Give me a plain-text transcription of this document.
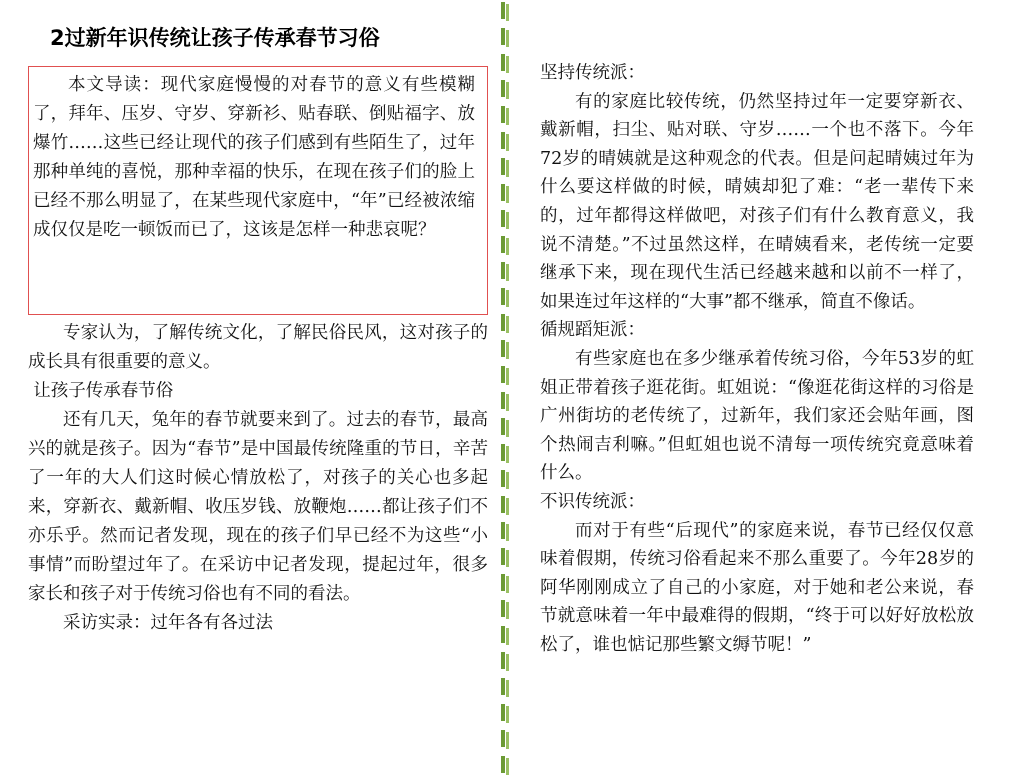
2过新年识传统让孩子传承春节习俗

本文导读：现代家庭慢慢的对春节的意义有些模糊了，拜年、压岁、守岁、穿新衫、贴春联、倒贴福字、放爆竹……这些已经让现代的孩子们感到有些陌生了，过年那种单纯的喜悦，那种幸福的快乐，在现在孩子们的脸上已经不那么明显了，在某些现代家庭中，“年”已经被浓缩成仅仅是吃一顿饭而已了，这该是怎样一种悲哀呢？

专家认为，了解传统文化，了解民俗民风，这对孩子的成长具有很重要的意义。

让孩子传承春节俗

还有几天，兔年的春节就要来到了。过去的春节，最高兴的就是孩子。因为“春节”是中国最传统隆重的节日，辛苦了一年的大人们这时候心情放松了，对孩子的关心也多起来，穿新衣、戴新帽、收压岁钱、放鞭炮……都让孩子们不亦乐乎。然而记者发现，现在的孩子们早已经不为这些“小事情”而盼望过年了。在采访中记者发现，提起过年，很多家长和孩子对于传统习俗也有不同的看法。

采访实录：过年各有各过法

坚持传统派：

有的家庭比较传统，仍然坚持过年一定要穿新衣、戴新帽，扫尘、贴对联、守岁……一个也不落下。今年72岁的晴姨就是这种观念的代表。但是问起晴姨过年为什么要这样做的时候，晴姨却犯了难：“老一辈传下来的，过年都得这样做吧，对孩子们有什么教育意义，我说不清楚。”不过虽然这样，在晴姨看来，老传统一定要继承下来，现在现代生活已经越来越和以前不一样了，如果连过年这样的“大事”都不继承，简直不像话。

循规蹈矩派：

有些家庭也在多少继承着传统习俗，今年53岁的虹姐正带着孩子逛花街。虹姐说：“像逛花街这样的习俗是广州街坊的老传统了，过新年，我们家还会贴年画，图个热闹吉利嘛。”但虹姐也说不清每一项传统究竟意味着什么。

不识传统派：

而对于有些“后现代”的家庭来说，春节已经仅仅意味着假期，传统习俗看起来不那么重要了。今年28岁的阿华刚刚成立了自己的小家庭，对于她和老公来说，春节就意味着一年中最难得的假期，“终于可以好好放松放松了，谁也惦记那些繁文缛节呢！”
